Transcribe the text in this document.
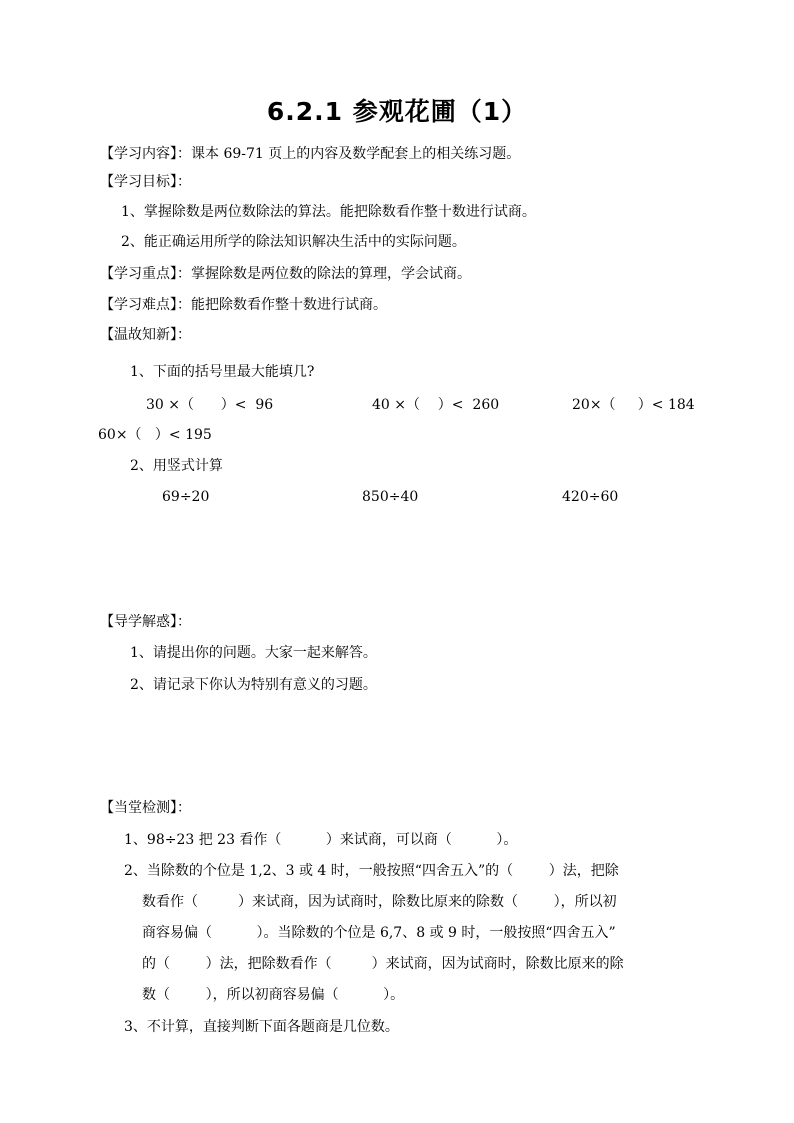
6.2.1 参观花圃（1）
【学习内容】：课本 69-71 页上的内容及数学配套上的相关练习题。
【学习目标】：
1、掌握除数是两位数除法的算法。能把除数看作整十数进行试商。
2、能正确运用所学的除法知识解决生活中的实际问题。
【学习重点】：掌握除数是两位数的除法的算理，学会试商。
【学习难点】：能把除数看作整十数进行试商。
【温故知新】：
1、下面的括号里最大能填几?
30 ×（      ）<  96	40 ×（    ）<  260	20×（     ）< 184
60×（   ）< 195
2、用竖式计算
69÷20	850÷40	420÷60
【导学解惑】：
1、请提出你的问题。大家一起来解答。
2、请记录下你认为特别有意义的习题。
【当堂检测】：
1、98÷23 把 23 看作（          ）来试商，可以商（          ）。
2、当除数的个位是 1,2、3 或 4 时，一般按照“四舍五入”的（        ）法，把除
数看作（         ）来试商，因为试商时，除数比原来的除数（        ），所以初
商容易偏（          ）。当除数的个位是 6,7、8 或 9 时，一般按照“四舍五入”
的（        ）法，把除数看作（         ）来试商，因为试商时，除数比原来的除
数（        ），所以初商容易偏（          ）。
3、不计算，直接判断下面各题商是几位数。
